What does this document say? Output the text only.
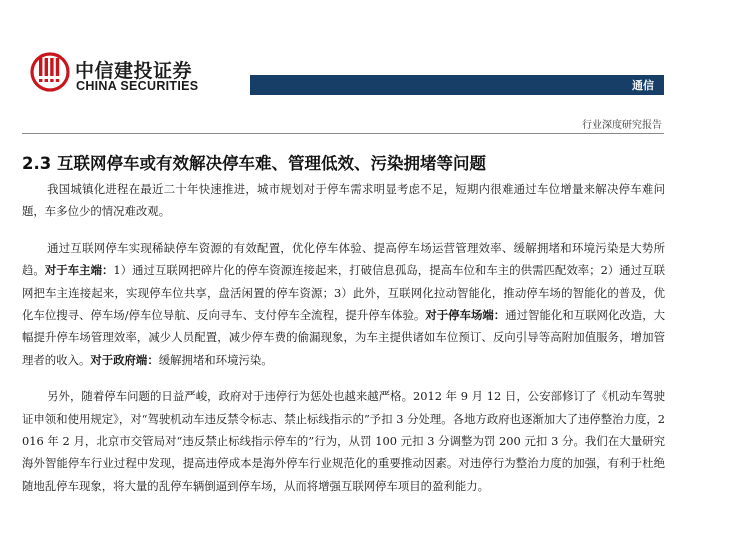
中信建投证券
CHINA SECURITIES	通信
行业深度研究报告
2.3 互联网停车或有效解决停车难、管理低效、污染拥堵等问题

我国城镇化进程在最近二十年快速推进，城市规划对于停车需求明显考虑不足，短期内很难通过车位增量来解决停车难问题，车多位少的情况难改观。

通过互联网停车实现稀缺停车资源的有效配置，优化停车体验、提高停车场运营管理效率、缓解拥堵和环境污染是大势所趋。对于车主端：1）通过互联网把碎片化的停车资源连接起来，打破信息孤岛，提高车位和车主的供需匹配效率；2）通过互联网把车主连接起来，实现停车位共享，盘活闲置的停车资源；3）此外，互联网化拉动智能化，推动停车场的智能化的普及，优化车位搜寻、停车场/停车位导航、反向寻车、支付停车全流程，提升停车体验。对于停车场端：通过智能化和互联网化改造，大幅提升停车场管理效率，减少人员配置，减少停车费的偷漏现象，为车主提供诸如车位预订、反向引导等高附加值服务，增加管理者的收入。对于政府端：缓解拥堵和环境污染。

另外，随着停车问题的日益严峻，政府对于违停行为惩处也越来越严格。2012 年 9 月 12 日，公安部修订了《机动车驾驶证申领和使用规定》，对“驾驶机动车违反禁令标志、禁止标线指示的”予扣 3 分处理。各地方政府也逐渐加大了违停整治力度，2016 年 2 月，北京市交管局对“违反禁止标线指示停车的”行为，从罚 100 元扣 3 分调整为罚 200 元扣 3 分。我们在大量研究海外智能停车行业过程中发现，提高违停成本是海外停车行业规范化的重要推动因素。对违停行为整治力度的加强，有利于杜绝随地乱停车现象，将大量的乱停车辆倒逼到停车场，从而将增强互联网停车项目的盈利能力。
